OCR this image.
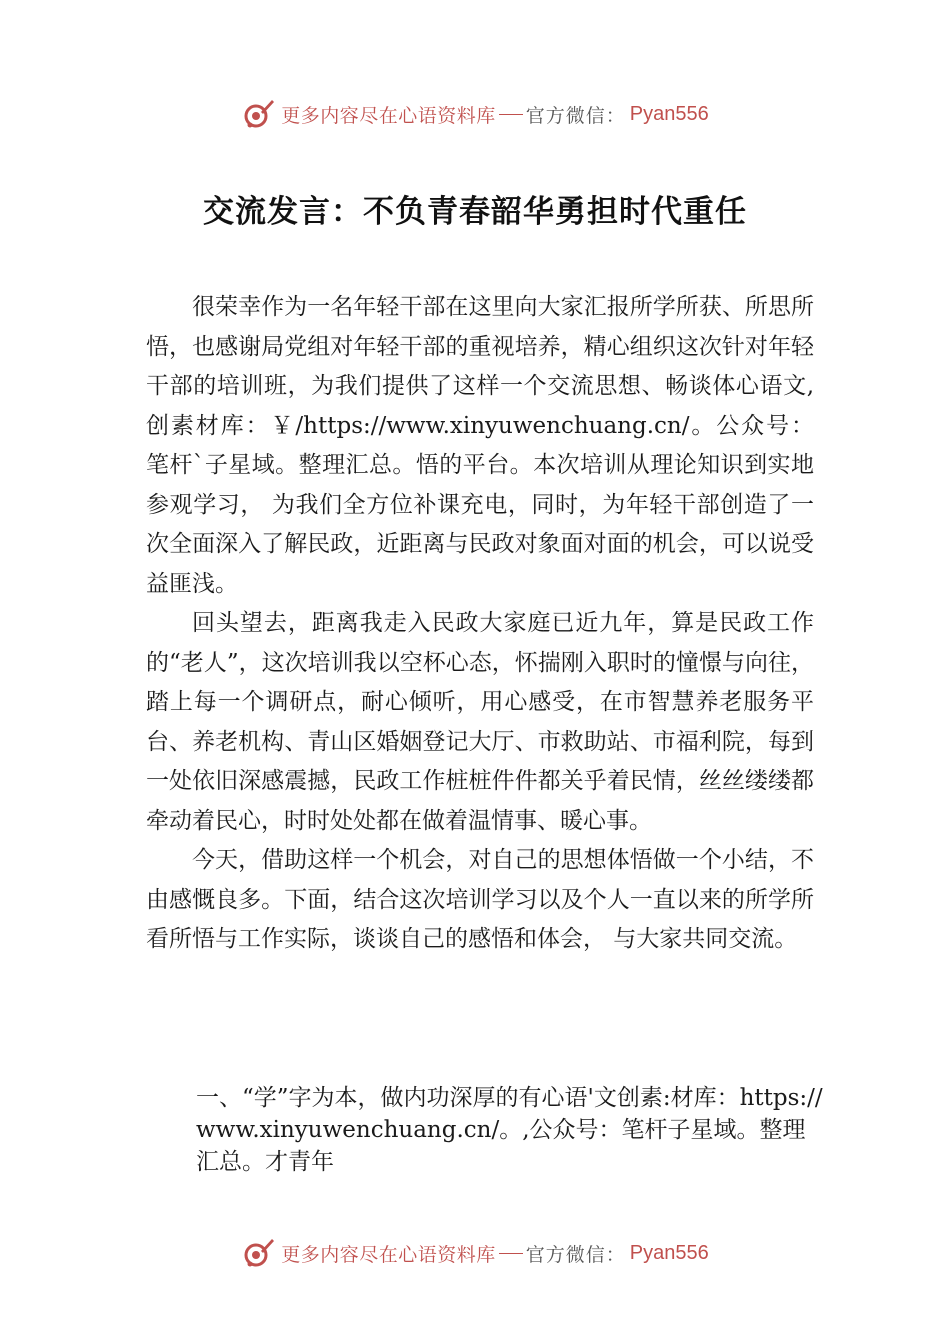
更多内容尽在心语资料库 官方微信： Pyan556
交流发言：不负青春韶华勇担时代重任

很荣幸作为一名年轻干部在这里向大家汇报所学所获、所思所悟，也感谢局党组对年轻干部的重视培养，精心组织这次针对年轻干部的培训班，为我们提供了这样一个交流思想、畅谈体心语文,创素材库：￥/https://www.xinyuwenchuang.cn/。公众号：笔杆`子星域。整理汇总。悟的平台。本次培训从理论知识到实地参观学习， 为我们全方位补课充电，同时，为年轻干部创造了一次全面深入了解民政，近距离与民政对象面对面的机会，可以说受益匪浅。

回头望去，距离我走入民政大家庭已近九年，算是民政工作的“老人”，这次培训我以空杯心态，怀揣刚入职时的憧憬与向往，踏上每一个调研点，耐心倾听，用心感受，在市智慧养老服务平台、养老机构、青山区婚姻登记大厅、市救助站、市福利院，每到一处依旧深感震撼，民政工作桩桩件件都关乎着民情，丝丝缕缕都牵动着民心，时时处处都在做着温情事、暖心事。

今天，借助这样一个机会，对自己的思想体悟做一个小结，不由感慨良多。下面，结合这次培训学习以及个人一直以来的所学所看所悟与工作实际，谈谈自己的感悟和体会， 与大家共同交流。

一、“学”字为本，做内功深厚的有心语'文创素:材库：https://www.xinyuwenchuang.cn/。,公众号：笔杆子星域。整理汇总。才青年
更多内容尽在心语资料库 官方微信： Pyan556
